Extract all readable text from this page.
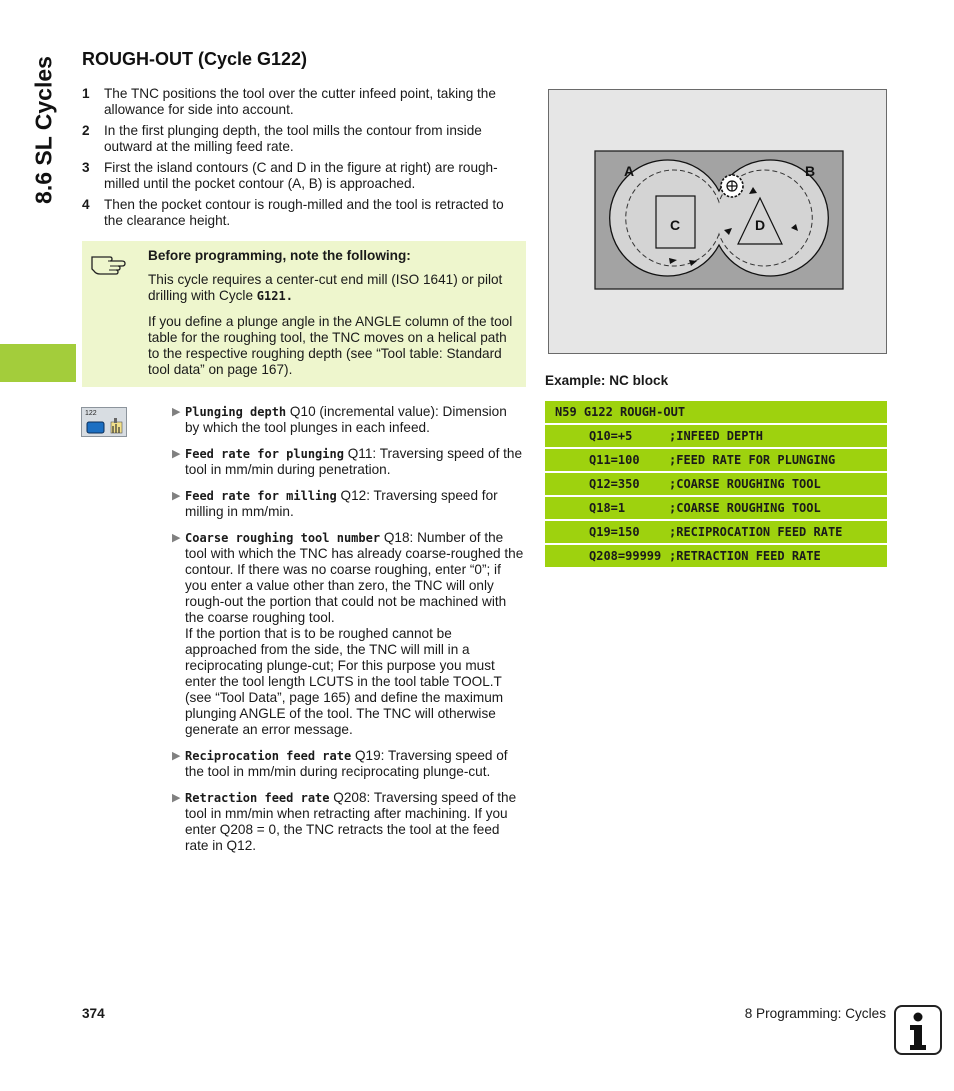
8.6 SL Cycles ROUGH-OUT (Cycle G122)
1	The TNC positions the tool over the cutter infeed point, taking the allowance for side into account.
2	In the first plunging depth, the tool mills the contour from inside outward at the milling feed rate.
3	First the island contours (C and D in the figure at right) are rough-milled until the pocket contour (A, B) is approached.
4	Then the pocket contour is rough-milled and the tool is retracted to the clearance height.
Before programming, note the following:

This cycle requires a center-cut end mill (ISO 1641) or pilot drilling with Cycle G121.

If you define a plunge angle in the ANGLE column of the tool table for the roughing tool, the TNC moves on a helical path to the respective roughing depth (see “Tool table: Standard tool data” on page 167).

122	▶ Plunging depth Q10 (incremental value): Dimension by which the tool plunges in each infeed.
▶ Feed rate for plunging Q11: Traversing speed of the tool in mm/min during penetration.
▶ Feed rate for milling Q12: Traversing speed for milling in mm/min.
▶ Coarse roughing tool number Q18: Number of the tool with which the TNC has already coarse-roughed the contour. If there was no coarse roughing, enter “0”; if you enter a value other than zero, the TNC will only rough-out the portion that could not be machined with the coarse roughing tool.
If the portion that is to be roughed cannot be approached from the side, the TNC will mill in a reciprocating plunge-cut; For this purpose you must enter the tool length LCUTS in the tool table TOOL.T (see “Tool Data”, page 165) and define the maximum plunging ANGLE of the tool. The TNC will otherwise generate an error message.
▶ Reciprocation feed rate Q19: Traversing speed of the tool in mm/min during reciprocating plunge-cut.
▶ Retraction feed rate Q208: Traversing speed of the tool in mm/min when retracting after machining. If you enter Q208 = 0, the TNC retracts the tool at the feed rate in Q12.
A	B
C	D
Example: NC block
N59 G122 ROUGH-OUT
Q10=+5	;INFEED DEPTH
Q11=100 ;FEED RATE FOR PLUNGING
Q12=350 ;COARSE ROUGHING TOOL
Q18=1	;COARSE ROUGHING TOOL
Q19=150 ;RECIPROCATION FEED RATE
Q208=99999 ;RETRACTION FEED RATE
374	8 Programming: Cycles
